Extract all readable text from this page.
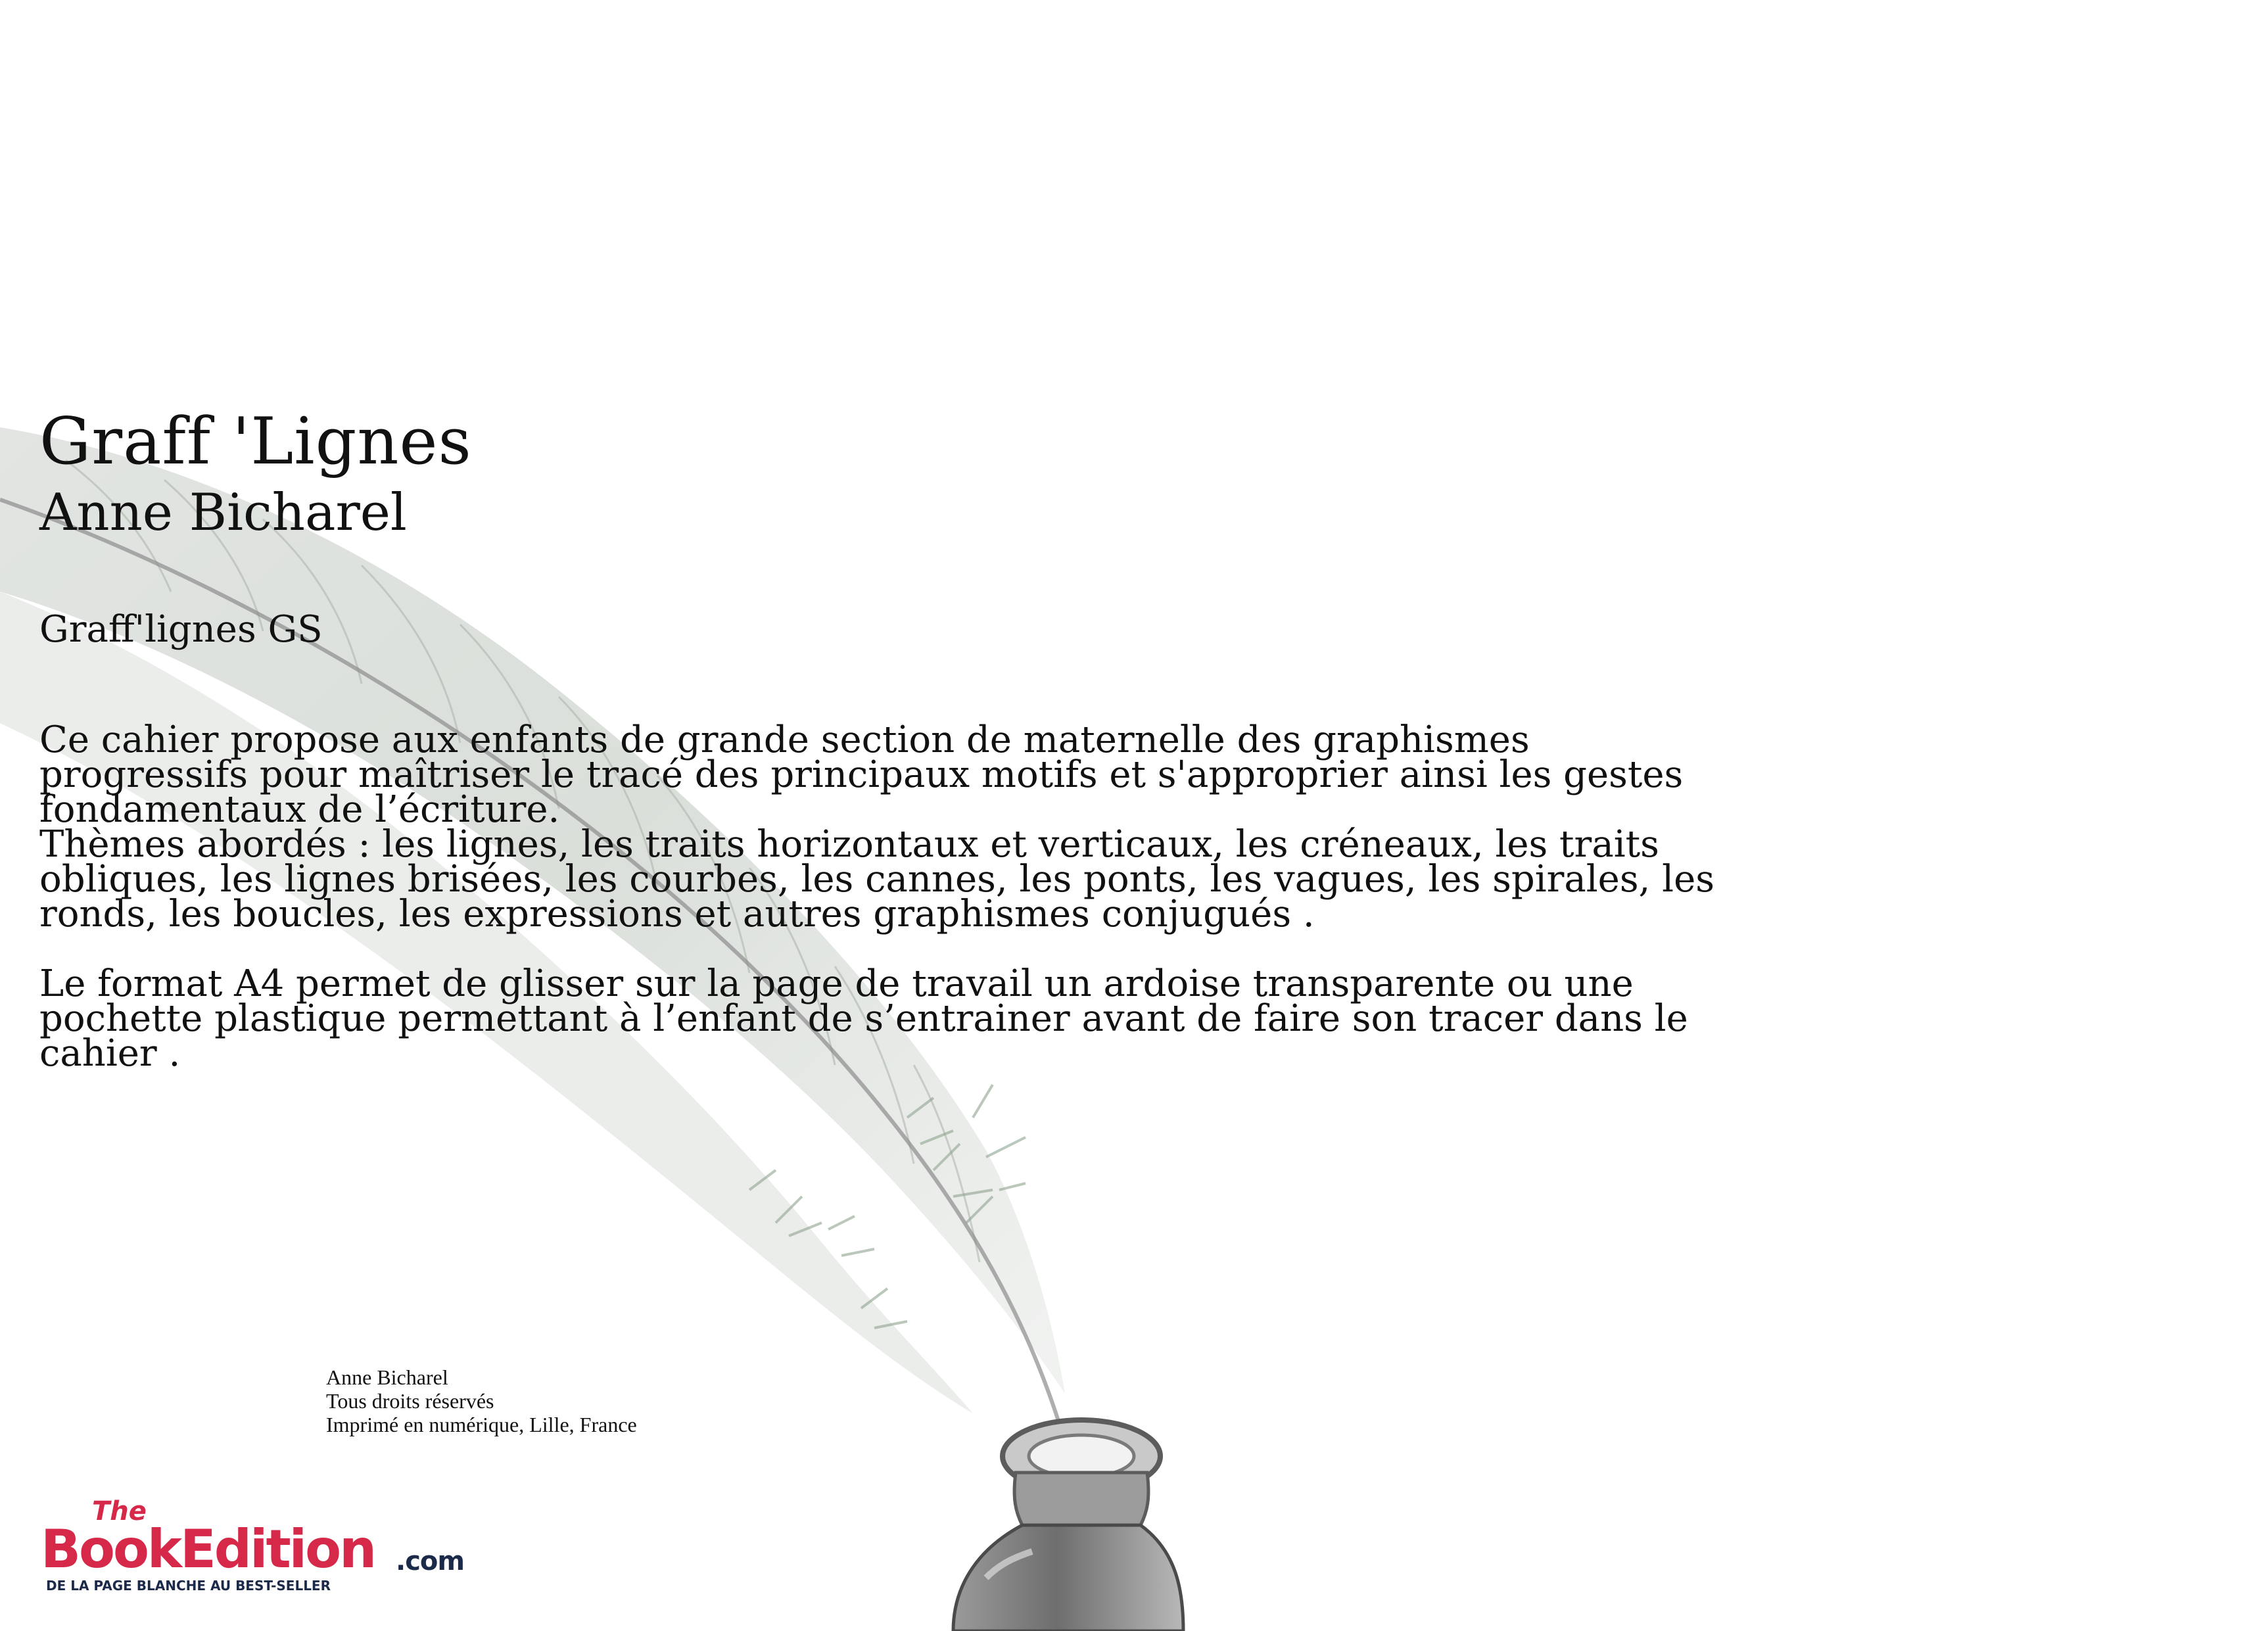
Graff 'Lignes
Anne Bicharel
Graff'lignes GS

Ce cahier propose aux enfants de grande section de maternelle des graphismes progressifs pour maîtriser le tracé des principaux motifs et s'approprier ainsi les gestes fondamentaux de l’écriture.

Thèmes abordés : les lignes, les traits horizontaux et verticaux, les créneaux, les traits obliques, les lignes brisées, les courbes, les cannes, les ponts, les vagues, les spirales, les ronds, les boucles, les expressions et autres graphismes conjugués .

Le format A4 permet de glisser sur la page de travail un ardoise transparente ou une pochette plastique permettant à l’enfant de s’entrainer avant de faire son tracer dans le cahier .

Anne Bicharel
Tous droits réservés
Imprimé en numérique, Lille, France
The
BookEdition .com
DE LA PAGE BLANCHE AU BEST-SELLER
